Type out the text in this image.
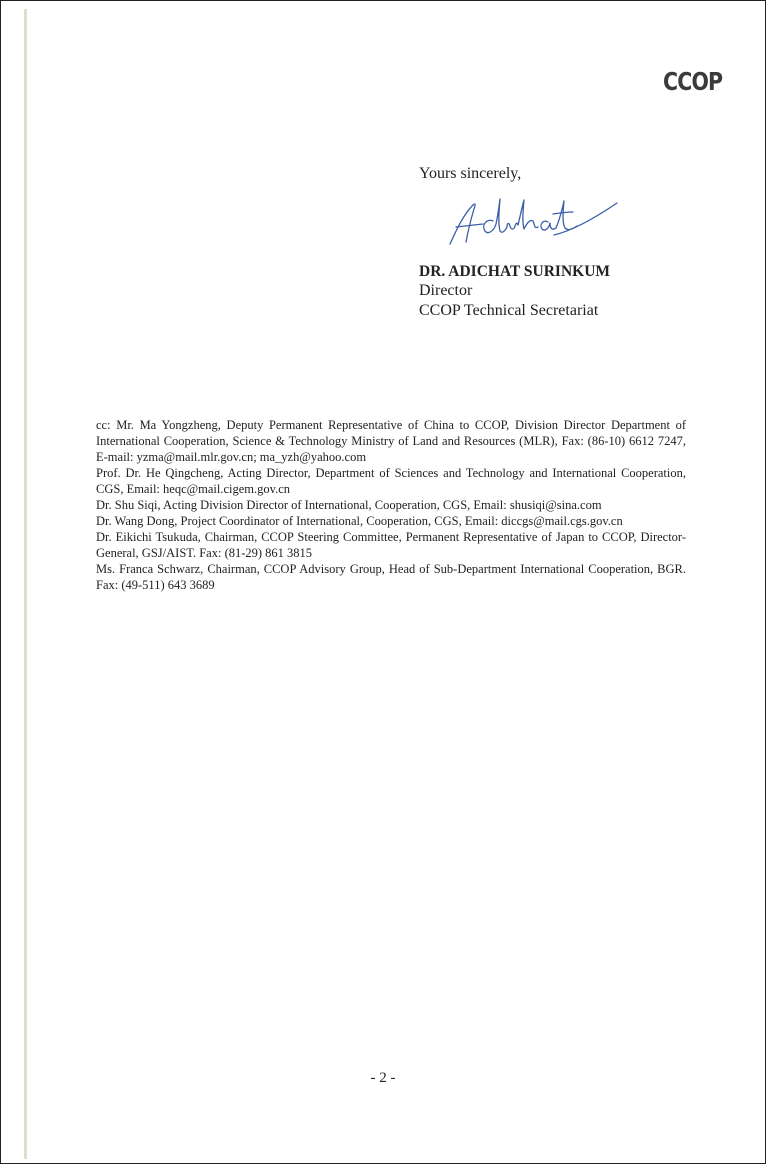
CCOP
Yours sincerely,
DR. ADICHAT SURINKUM
Director
CCOP Technical Secretariat
cc: Mr. Ma Yongzheng, Deputy Permanent Representative of China to CCOP, Division Director Department of International Cooperation, Science & Technology Ministry of Land and Resources (MLR), Fax: (86-10) 6612 7247, E-mail: yzma@mail.mlr.gov.cn; ma_yzh@yahoo.com
Prof. Dr. He Qingcheng, Acting Director, Department of Sciences and Technology and International Cooperation, CGS, Email: heqc@mail.cigem.gov.cn
Dr. Shu Siqi, Acting Division Director of International, Cooperation, CGS, Email: shusiqi@sina.com
Dr. Wang Dong, Project Coordinator of International, Cooperation, CGS, Email: diccgs@mail.cgs.gov.cn
Dr. Eikichi Tsukuda, Chairman, CCOP Steering Committee, Permanent Representative of Japan to CCOP, Director-General, GSJ/AIST. Fax: (81-29) 861 3815
Ms. Franca Schwarz, Chairman, CCOP Advisory Group, Head of Sub-Department International Cooperation, BGR. Fax: (49-511) 643 3689
- 2 -
